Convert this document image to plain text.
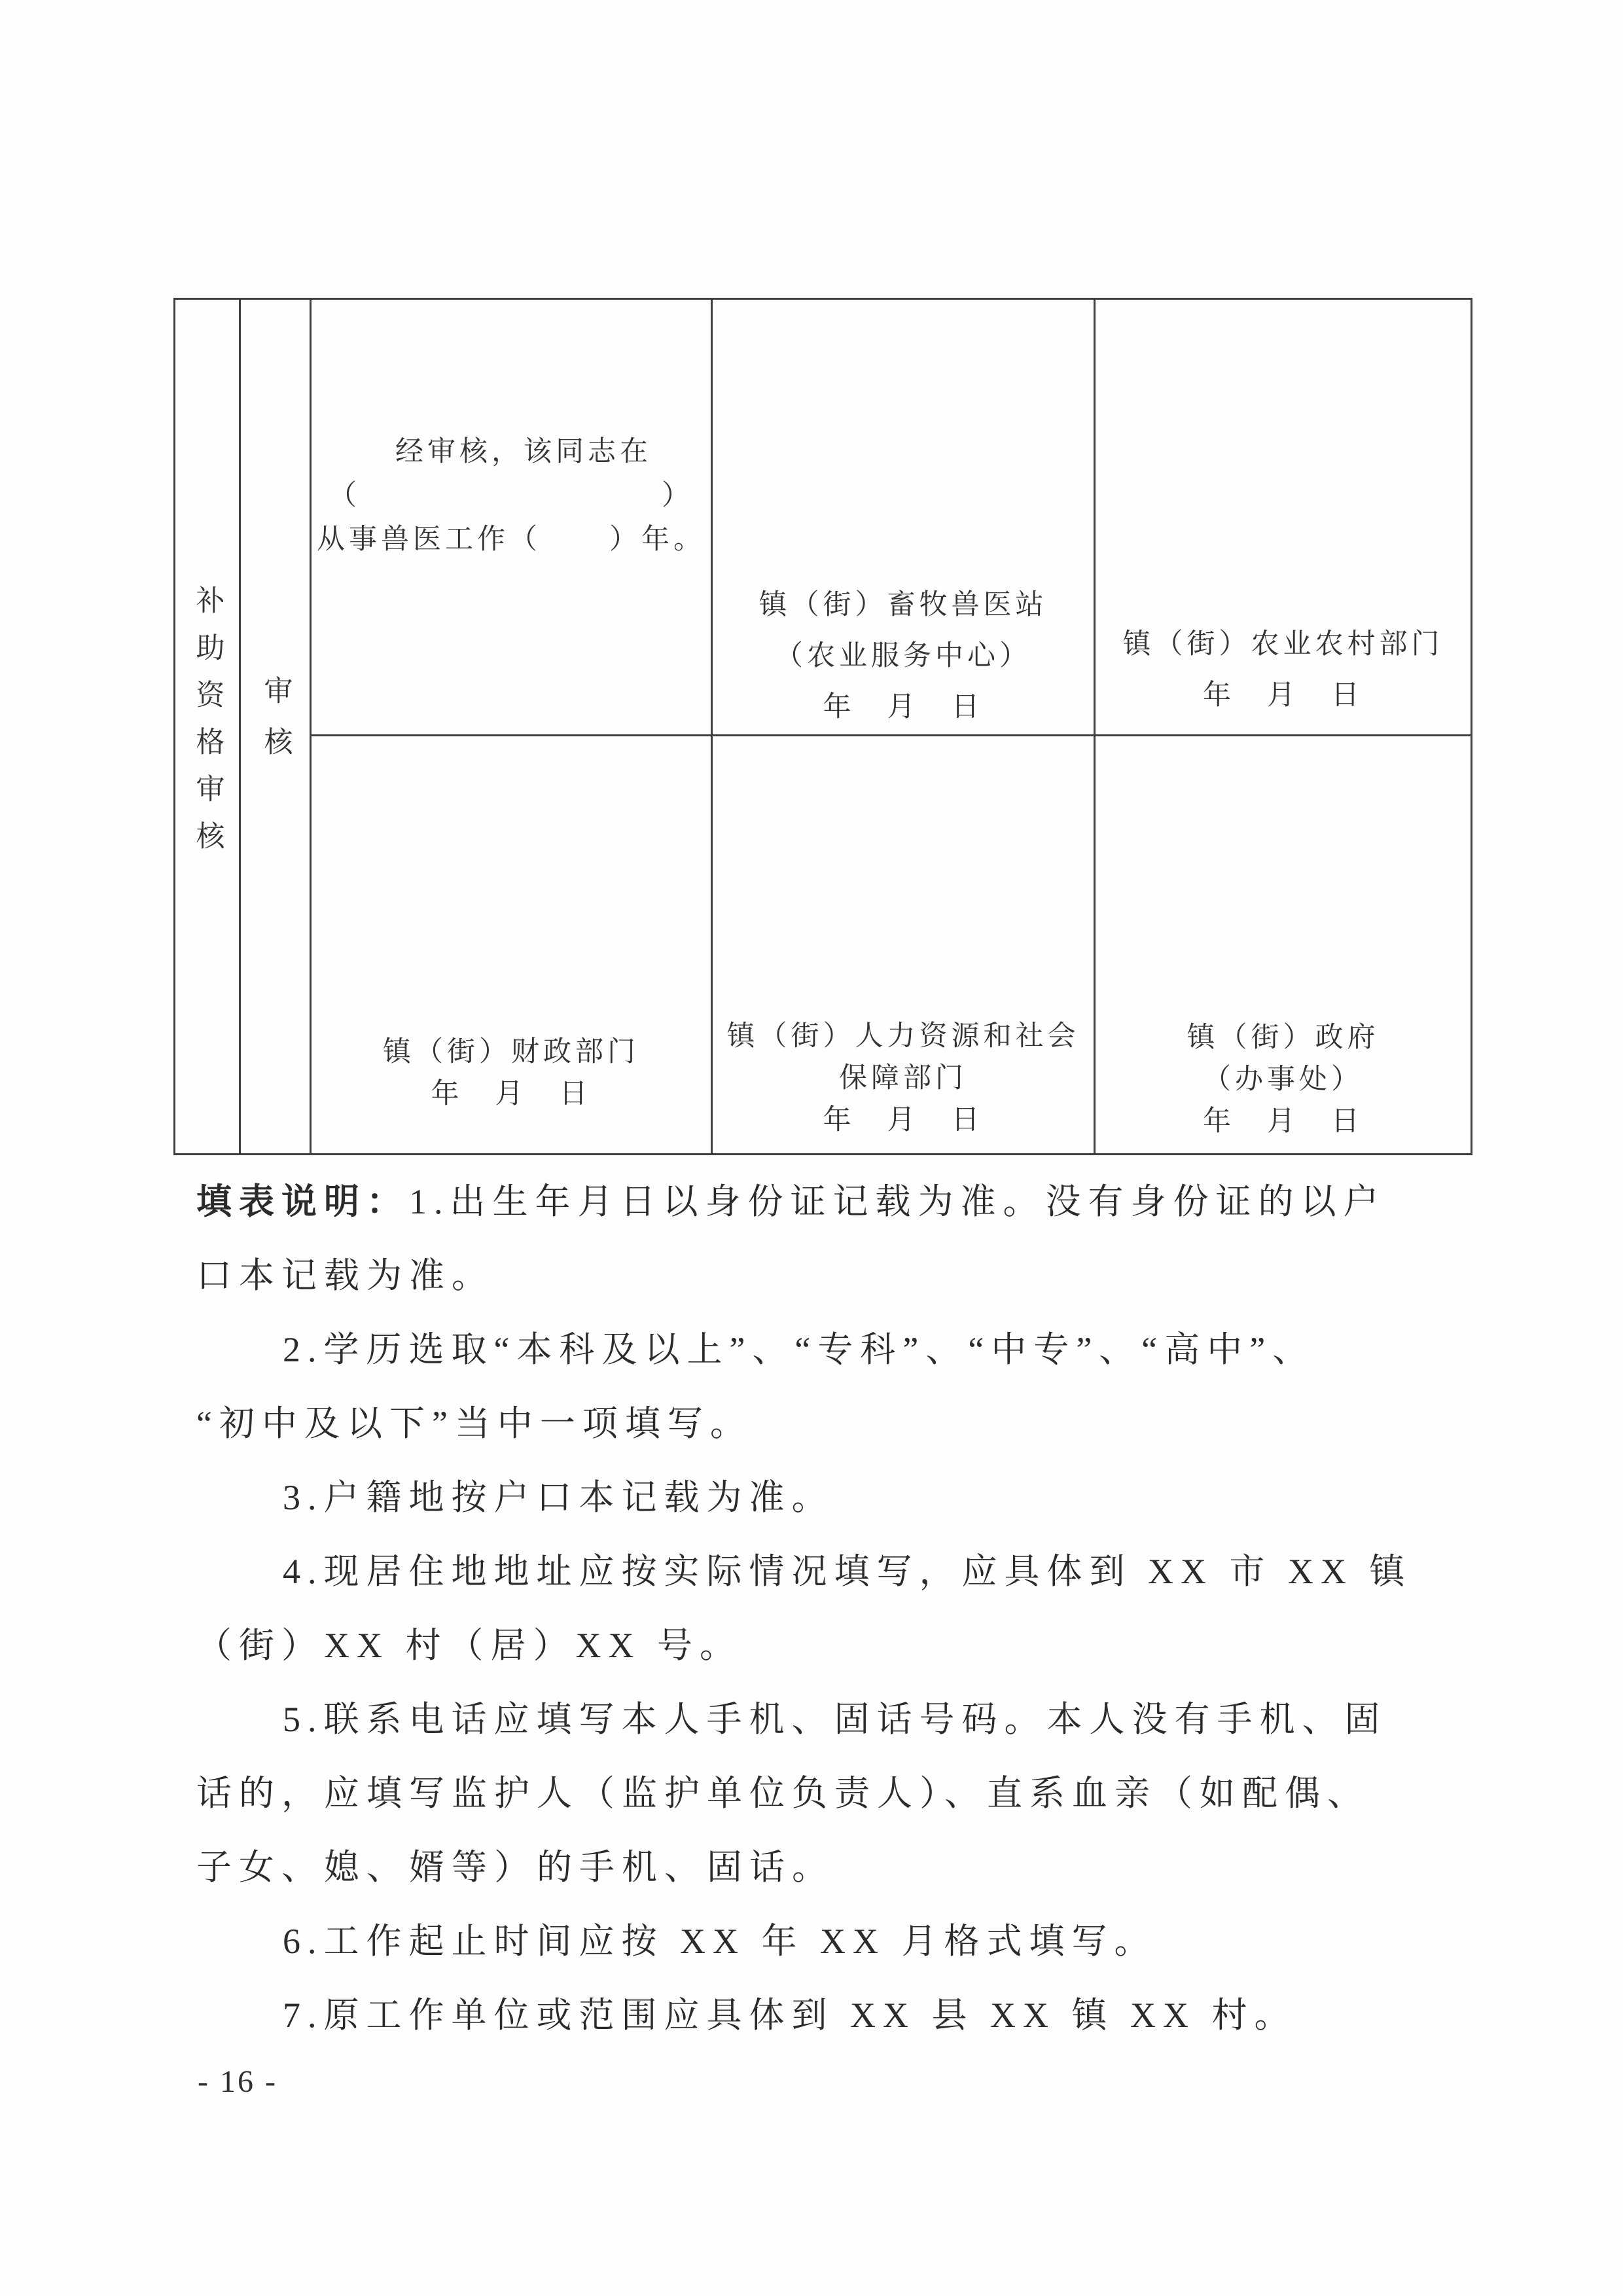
补助资格审核 审核
经审核，该同志在
（	）
从事兽医工作（ ）年。
镇（街）畜牧兽医站
（农业服务中心）
年　月　日
镇（街）农业农村部门
年　月　日
镇（街）财政部门
年　月　日
镇（街）人力资源和社会
保障部门
年　月　日
镇（街）政府
（办事处）
年　月　日
填表说明： 1.出生年月日以身份证记载为准。没有身份证的以户
口本记载为准。
2.学历选取“本科及以上”、“专科”、“中专”、“高中”、
“初中及以下”当中一项填写。
3.户籍地按户口本记载为准。
4.现居住地地址应按实际情况填写，应具体到 XX 市 XX 镇
（街）XX 村（居）XX 号。
5.联系电话应填写本人手机、固话号码。本人没有手机、固
话的，应填写监护人（监护单位负责人）、直系血亲（如配偶、
子女、媳、婿等）的手机、固话。
6.工作起止时间应按 XX 年 XX 月格式填写。
7.原工作单位或范围应具体到 XX 县 XX 镇 XX 村。
- 16 -
